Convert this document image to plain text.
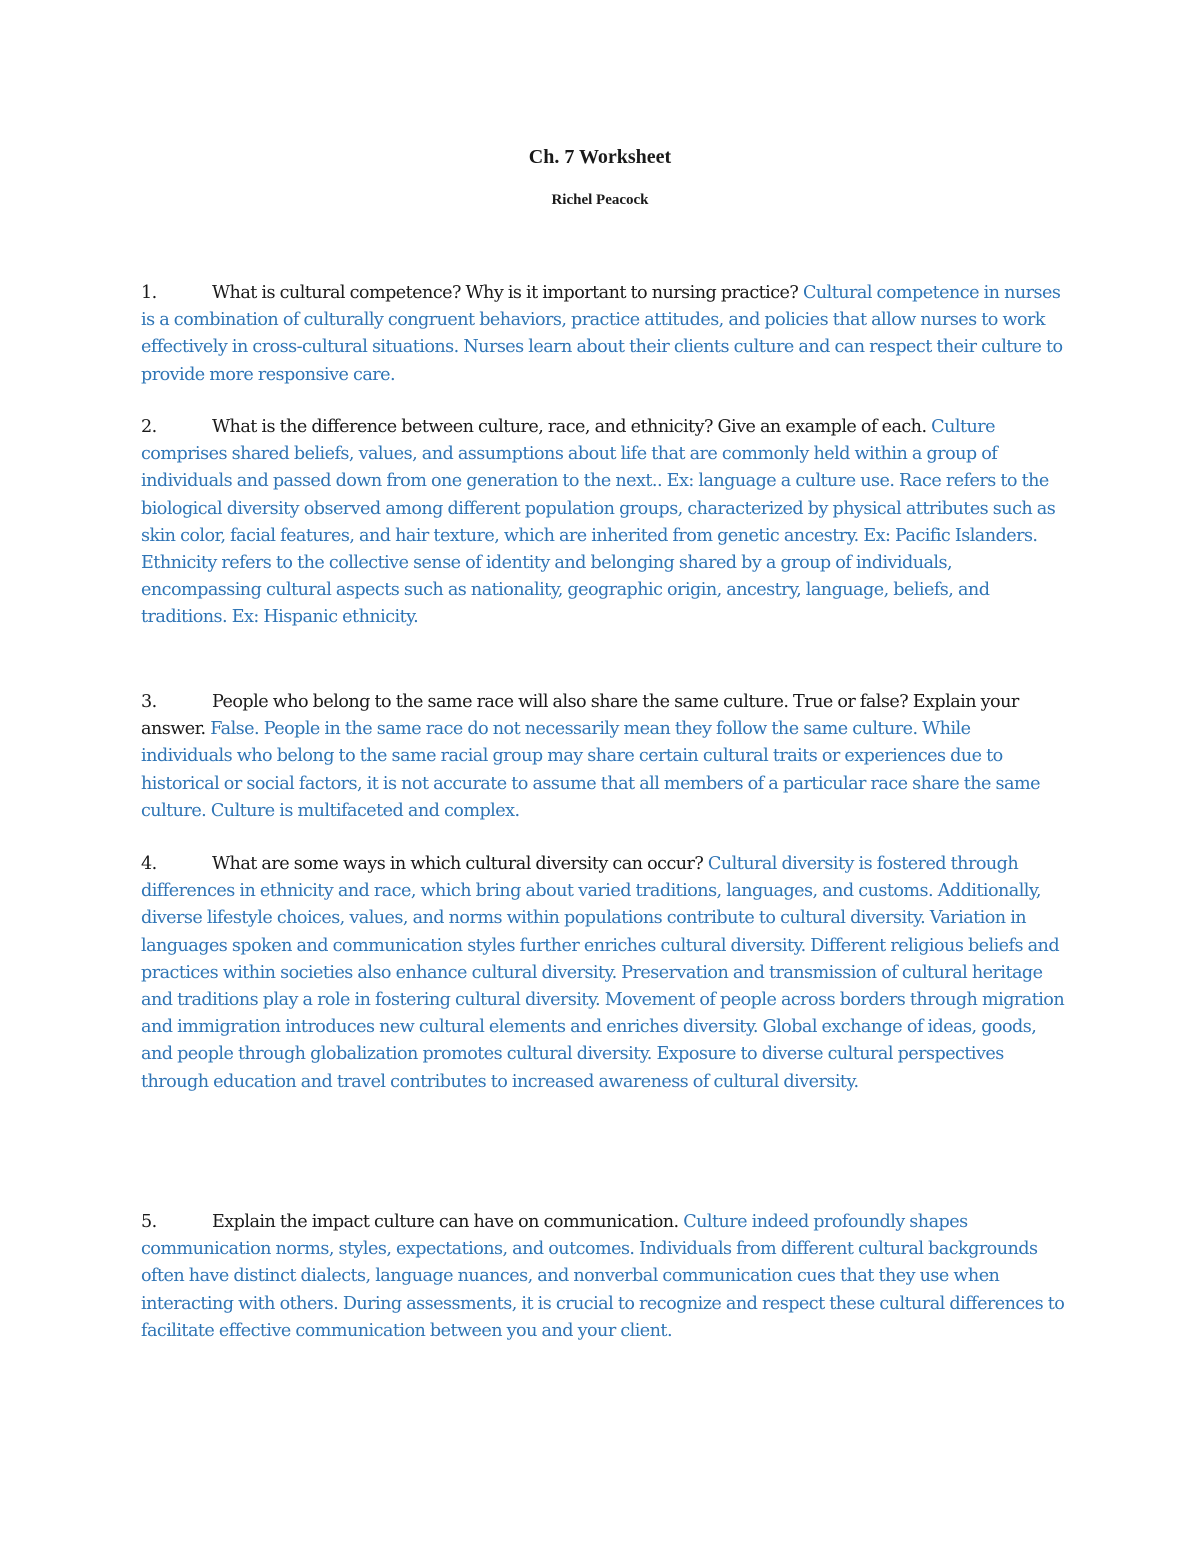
Ch. 7 Worksheet
Richel Peacock
1.	What is cultural competence? Why is it important to nursing practice? Cultural competence in nurses is a combination of culturally congruent behaviors, practice attitudes, and policies that allow nurses to work effectively in cross-cultural situations. Nurses learn about their clients culture and can respect their culture to provide more responsive care.
2.	What is the difference between culture, race, and ethnicity? Give an example of each. Culture comprises shared beliefs, values, and assumptions about life that are commonly held within a group of individuals and passed down from one generation to the next.. Ex: language a culture use. Race refers to the biological diversity observed among different population groups, characterized by physical attributes such as skin color, facial features, and hair texture, which are inherited from genetic ancestry. Ex: Pacific Islanders. Ethnicity refers to the collective sense of identity and belonging shared by a group of individuals, encompassing cultural aspects such as nationality, geographic origin, ancestry, language, beliefs, and traditions. Ex: Hispanic ethnicity.
3.	People who belong to the same race will also share the same culture. True or false? Explain your answer. False. People in the same race do not necessarily mean they follow the same culture. While individuals who belong to the same racial group may share certain cultural traits or experiences due to historical or social factors, it is not accurate to assume that all members of a particular race share the same culture. Culture is multifaceted and complex.
4.	What are some ways in which cultural diversity can occur? Cultural diversity is fostered through differences in ethnicity and race, which bring about varied traditions, languages, and customs. Additionally, diverse lifestyle choices, values, and norms within populations contribute to cultural diversity. Variation in languages spoken and communication styles further enriches cultural diversity. Different religious beliefs and practices within societies also enhance cultural diversity. Preservation and transmission of cultural heritage and traditions play a role in fostering cultural diversity. Movement of people across borders through migration and immigration introduces new cultural elements and enriches diversity. Global exchange of ideas, goods, and people through globalization promotes cultural diversity. Exposure to diverse cultural perspectives through education and travel contributes to increased awareness of cultural diversity.
5.	Explain the impact culture can have on communication. Culture indeed profoundly shapes communication norms, styles, expectations, and outcomes. Individuals from different cultural backgrounds often have distinct dialects, language nuances, and nonverbal communication cues that they use when interacting with others. During assessments, it is crucial to recognize and respect these cultural differences to facilitate effective communication between you and your client.
